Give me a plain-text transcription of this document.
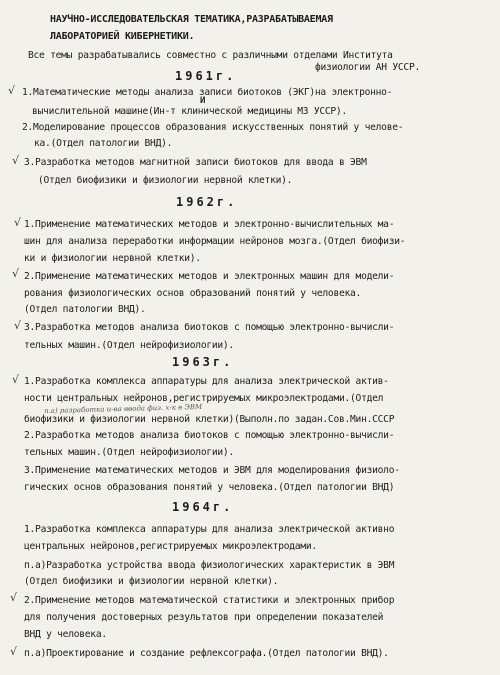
НАУЧНО-ИССЛЕДОВАТЕЛЬСКАЯ ТЕМАТИКА,РАЗРАБАТЫВАЕМАЯ
ЛАБОРАТОРИЕЙ КИБЕРНЕТИКИ.
Все темы разрабатывались совместно с различными отделами Института
физиологии АН УССР.
1961г.
√ 1.Математические методы анализа записи биотоков (ЭКГ)на электронно-
И
вычислительной машине(Ин-т клинической медицины МЗ УССР).
2.Моделирование процессов образования искусственных понятий у челове-
ка.(Отдел патологии ВНД).
√ 3.Разработка методов магнитной записи биотоков для ввода в ЭВМ
(Отдел биофизики и физиологии нервной клетки).
1962г.
√ 1.Применение математических методов и электронно-вычислительных ма-
шин для анализа переработки информации нейронов мозга.(Отдел биофизи-
ки и физиологии нервной клетки).
√ 2.Применение математических методов и электронных машин для модели-
рования физиологических основ образований понятий у человека.
(Отдел патологии ВНД).
√ 3.Разработка методов анализа биотоков с помощью электронно-вычисли-
тельных машин.(Отдел нейрофизиологии).
1963г.
√ 1.Разработка комплекса аппаратуры для анализа электрической актив-
ности центральных нейронов,регистрируемых микроэлектродами.(Отдел
п.а) разработка и-ва ввода физ. х-к в ЭВМ
биофизики и физиологии нервной клетки)(Выполн.по задан.Сов.Мин.СССР
2.Разработка методов анализа биотоков с помощью электронно-вычисли-
тельных машин.(Отдел нейрофизиологии).
3.Применение математических методов и ЭВМ для моделирования физиоло-
гических основ образования понятий у человека.(Отдел патологии ВНД)
1964г.
1.Разработка комплекса аппаратуры для анализа электрической активно
центральных нейронов,регистрируемых микроэлектродами.
п.а)Разработка устройства ввода физиологических характеристик в ЭВМ
(Отдел биофизики и физиологии нервной клетки).
√ 2.Применение методов математической статистики и электронных прибор
для получения достоверных результатов при определении показателей
ВНД у человека.
√ п.а)Проектирование и создание рефлексографа.(Отдел патологии ВНД).
